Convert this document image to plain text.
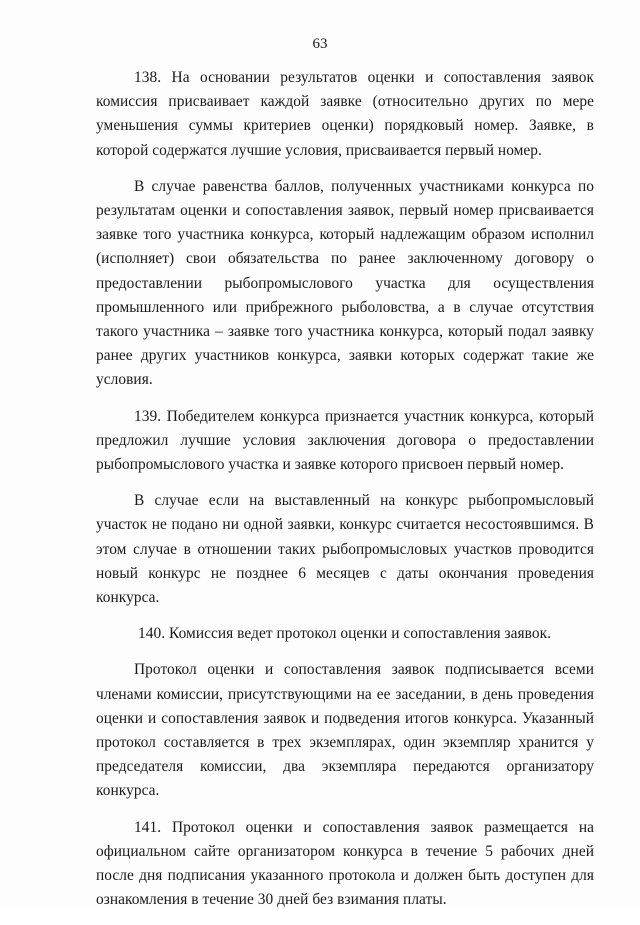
63

138. На основании результатов оценки и сопоставления заявок комиссия присваивает каждой заявке (относительно других по мере уменьшения суммы критериев оценки) порядковый номер. Заявке, в которой содержатся лучшие условия, присваивается первый номер.

В случае равенства баллов, полученных участниками конкурса по результатам оценки и сопоставления заявок, первый номер присваивается заявке того участника конкурса, который надлежащим образом исполнил (исполняет) свои обязательства по ранее заключенному договору о предоставлении рыбопромыслового участка для осуществления промышленного или прибрежного рыболовства, а в случае отсутствия такого участника – заявке того участника конкурса, который подал заявку ранее других участников конкурса, заявки которых содержат такие же условия.

139. Победителем конкурса признается участник конкурса, который предложил лучшие условия заключения договора о предоставлении рыбопромыслового участка и заявке которого присвоен первый номер.

В случае если на выставленный на конкурс рыбопромысловый участок не подано ни одной заявки, конкурс считается несостоявшимся. В этом случае в отношении таких рыбопромысловых участков проводится новый конкурс не позднее 6 месяцев с даты окончания проведения конкурса.

140. Комиссия ведет протокол оценки и сопоставления заявок.

Протокол оценки и сопоставления заявок подписывается всеми членами комиссии, присутствующими на ее заседании, в день проведения оценки и сопоставления заявок и подведения итогов конкурса. Указанный протокол составляется в трех экземплярах, один экземпляр хранится у председателя комиссии, два экземпляра передаются организатору конкурса.

141. Протокол оценки и сопоставления заявок размещается на официальном сайте организатором конкурса в течение 5 рабочих дней после дня подписания указанного протокола и должен быть доступен для ознакомления в течение 30 дней без взимания платы.
